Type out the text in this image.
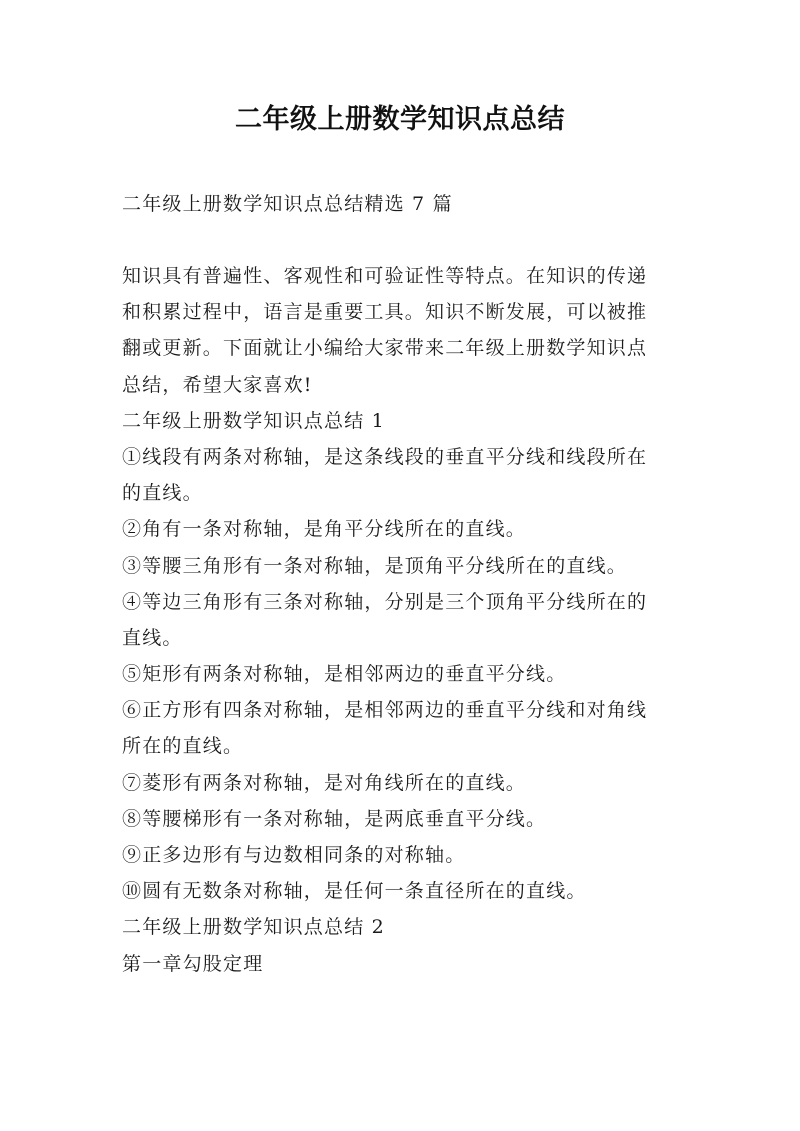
二年级上册数学知识点总结
二年级上册数学知识点总结精选 7 篇
知识具有普遍性、客观性和可验证性等特点。在知识的传递
和积累过程中，语言是重要工具。知识不断发展，可以被推
翻或更新。下面就让小编给大家带来二年级上册数学知识点
总结，希望大家喜欢!
二年级上册数学知识点总结 1
①线段有两条对称轴，是这条线段的垂直平分线和线段所在
的直线。
②角有一条对称轴，是角平分线所在的直线。
③等腰三角形有一条对称轴，是顶角平分线所在的直线。
④等边三角形有三条对称轴，分别是三个顶角平分线所在的
直线。
⑤矩形有两条对称轴，是相邻两边的垂直平分线。
⑥正方形有四条对称轴，是相邻两边的垂直平分线和对角线
所在的直线。
⑦菱形有两条对称轴，是对角线所在的直线。
⑧等腰梯形有一条对称轴，是两底垂直平分线。
⑨正多边形有与边数相同条的对称轴。
⑩圆有无数条对称轴，是任何一条直径所在的直线。
二年级上册数学知识点总结 2
第一章勾股定理
